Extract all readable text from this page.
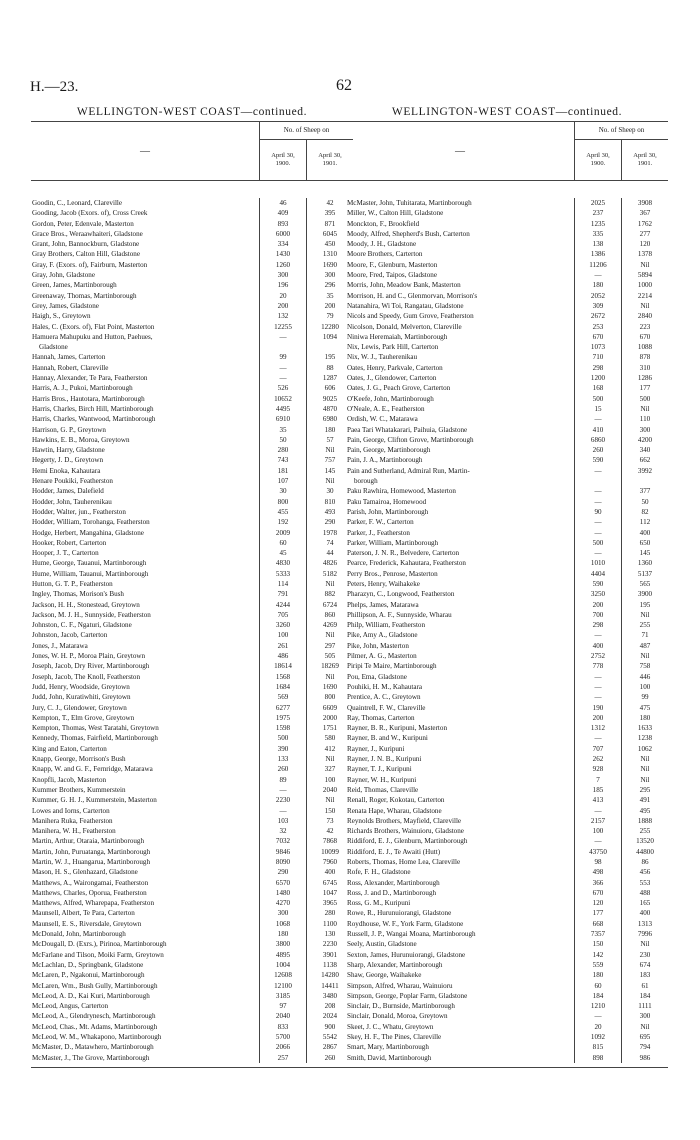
H.—23.	62
WELLINGTON-WEST COAST—continued.
—
No. of Sheep on
April 30,
1900.
April 30,
1901.
Goodin, C., Leonard, Clareville	46	42
Gooding, Jacob (Exors. of), Cross Creek	409	395
Gordon, Peter, Edenvale, Masterton	893	871
Grace Bros., Weraawhaiteri, Gladstone	6000	6045
Grant, John, Bannockburn, Gladstone	334	450
Gray Brothers, Calton Hill, Gladstone	1430	1310
Gray, F. (Exors. of), Fairburn, Masterton	1260	1690
Gray, John, Gladstone	300	300
Green, James, Martinborough	196	296
Greenaway, Thomas, Martinborough	20	35
Grey, James, Gladstone	200	200
Haigh, S., Greytown	132	79
Hales, C. (Exors. of), Flat Point, Masterton	12255	12280
Hamuera Mahupuku and Hutton, Paehues,	—	1094
Gladstone
Hannah, James, Carterton	99	195
Hannah, Robert, Clareville	—	88
Hannay, Alexander, Te Para, Featherston	—	1287
Harris, A. J., Pukoi, Martinborough	526	606
Harris Bros., Hautotara, Martinborough	10652	9025
Harris, Charles, Birch Hill, Martinborough	4495	4870
Harris, Charles, Wantwood, Martinborough	6910	6980
Harrison, G. P., Greytown	35	180
Hawkins, E. B., Moroa, Greytown	50	57
Hawtin, Harry, Gladstone	280	Nil
Hegerty, J. D., Greytown	743	757
Hemi Enoka, Kahautara	181	145
Henare Poukiki, Featherston	107	Nil
Hodder, James, Dalefield	30	30
Hodder, John, Tauherenikau	800	810
Hodder, Walter, jun., Featherston	455	493
Hodder, William, Torohanga, Featherston	192	290
Hodge, Herbert, Mangahina, Gladstone	2009	1978
Hooker, Robert, Carterton	60	74
Hooper, J. T., Carterton	45	44
Hume, George, Tauanui, Martinborough	4830	4826
Hume, William, Tauanui, Martinborough	5333	5182
Hutton, G. T. P., Featherston	114	Nil
Ingley, Thomas, Morison's Bush	791	882
Jackson, H. H., Stonestead, Greytown	4244	6724
Jackson, M. J. H., Sunnyside, Featherston	705	860
Johnston, C. F., Ngaturi, Gladstone	3260	4269
Johnston, Jacob, Carterton	100	Nil
Jones, J., Matarawa	261	297
Jones, W. H. P., Moroa Plain, Greytown	486	505
Joseph, Jacob, Dry River, Martinborough	18614	18269
Joseph, Jacob, The Knoll, Featherston	1568	Nil
Judd, Henry, Woodside, Greytown	1684	1690
Judd, John, Kuratiwhiti, Greytown	569	800
Jury, C. J., Glendower, Greytown	6277	6609
Kempton, T., Elm Grove, Greytown	1975	2000
Kempton, Thomas, West Taratahi, Greytown	1598	1751
Kennedy, Thomas, Fairfield, Martinborough	500	580
King and Eaton, Carterton	390	412
Knapp, George, Morrison's Bush	133	Nil
Knapp, W. and G. F., Fernridge, Matarawa	260	327
Knopfli, Jacob, Masterton	89	100
Kummer Brothers, Kummerstein	—	2040
Kummer, G. H. J., Kummerstein, Masterton	2230	Nil
Lowes and Iorns, Carterton	—	150
Manihera Ruka, Featherston	103	73
Manihera, W. H., Featherston	32	42
Martin, Arthur, Otaraia, Martinborough	7032	7868
Martin, John, Puruatanga, Martinborough	9846	10099
Martin, W. J., Huangarua, Martinborough	8090	7960
Mason, H. S., Glenhazard, Gladstone	290	400
Matthews, A., Wairongamai, Featherston	6570	6745
Matthews, Charles, Oporua, Featherston	1480	1047
Matthews, Alfred, Wharepapa, Featherston	4270	3965
Maunsell, Albert, Te Para, Carterton	300	280
Maunsell, E. S., Riversdale, Greytown	1068	1100
McDonald, John, Martinborough	180	130
McDougall, D. (Exrs.), Pirinoa, Martinborough	3800	2230
McFarlane and Tilson, Moiki Farm, Greytown	4895	3901
McLachlan, D., Springbank, Gladstone	1004	1138
McLaren, P., Ngakonui, Martinborough	12608	14280
McLaren, Wm., Bush Gully, Martinborough	12100	14411
McLeod, A. D., Kai Kuri, Martinborough	3185	3480
McLeod, Angus, Carterton	97	208
McLeod, A., Glendrynesch, Martinborough	2040	2024
McLeod, Chas., Mt. Adams, Martinborough	833	900
McLeod, W. M., Whakapono, Martinborough	5700	5542
McMaster, D., Matawhero, Martinborough	2066	2867
McMaster, J., The Grove, Martinborough	257	260
WELLINGTON-WEST COAST—continued.
—
No. of Sheep on
April 30,
1900.
April 30,
1901.
McMaster, John, Tuhitarata, Martinborough	2025	3908
Miller, W., Calton Hill, Gladstone	237	367
Monckton, F., Brookfield	1235	1762
Moody, Alfred, Shepherd's Bush, Carterton	335	277
Moody, J. H., Gladstone	138	120
Moore Brothers, Carterton	1386	1378
Moore, F., Glenburn, Masterton	11206	Nil
Moore, Fred, Taipos, Gladstone	—	5894
Morris, John, Meadow Bank, Masterton	180	1000
Morrison, H. and C., Glenmorvan, Morrison's	2052	2214
Natanahira, Wi Toi, Rangatau, Gladstone	309	Nil
Nicols and Speedy, Gum Grove, Featherston	2672	2840
Nicolson, Donald, Melverton, Clareville	253	223
Niniwa Heremaiah, Martinborough	670	670
Nix, Lewis, Park Hill, Carterton	1073	1088
Nix, W. J., Tauherenikau	710	878
Oates, Henry, Parkvale, Carterton	298	310
Oates, J., Glendower, Carterton	1200	1286
Oates, J. G., Peach Grove, Carterton	168	177
O'Keefe, John, Martinborough	500	500
O'Neale, A. E., Featherston	15	Nil
Ordish, W. C., Matarawa	—	110
Paea Tari Whatakarari, Paihuia, Gladstone	410	300
Pain, George, Clifton Grove, Martinborough	6860	4200
Pain, George, Martinborough	260	340
Pain, J. A., Martinborough	590	662
Pain and Sutherland, Admiral Run, Martin-	—	3992
borough
Paku Rawhira, Homewood, Masterton	—	377
Paku Tamairoa, Homewood	—	50
Parish, John, Martinborough	90	82
Parker, F. W., Carterton	—	112
Parker, J., Featherston	—	400
Parker, William, Martinborough	500	650
Paterson, J. N. R., Belvedere, Carterton	—	145
Pearce, Frederick, Kahautara, Featherston	1010	1360
Perry Bros., Penrose, Masterton	4404	5137
Peters, Henry, Waihakeke	590	565
Pharazyn, C., Longwood, Featherston	3250	3900
Phelps, James, Matarawa	200	195
Phillipson, A. F., Sunnyside, Wharau	700	Nil
Philp, William, Featherston	298	255
Pike, Amy A., Gladstone	—	71
Pike, John, Masterton	400	487
Pilmer, A. G., Masterton	2752	Nil
Piripi Te Maire, Martinborough	778	758
Pou, Ema, Gladstone	—	446
Pouhiki, H. M., Kahautara	—	100
Prentice, A. C., Greytown	—	99
Quaintrell, F. W., Clareville	190	475
Ray, Thomas, Carterton	200	180
Rayner, B. R., Kuripuni, Masterton	1312	1633
Rayner, B. and W., Kuripuni	—	1238
Rayner, J., Kuripuni	707	1062
Rayner, J. N. B., Kuripuni	262	Nil
Rayner, T. J., Kuripuni	928	Nil
Rayner, W. H., Kuripuni	7	Nil
Reid, Thomas, Clareville	185	295
Renall, Roger, Kokotau, Carterton	413	491
Renata Hape, Wharau, Gladstone	—	495
Reynolds Brothers, Mayfield, Clareville	2157	1888
Richards Brothers, Wainuioru, Gladstone	100	255
Riddiford, E. J., Glenburn, Martinborough	—	13520
Riddiford, E. J., Te Awaiti (Hutt)	43750	44800
Roberts, Thomas, Home Lea, Clareville	98	86
Rofe, F. H., Gladstone	498	456
Ross, Alexander, Martinborough	366	553
Ross, J. and D., Martinborough	670	488
Ross, G. M., Kuripuni	120	165
Rowe, R., Hurunuiorangi, Gladstone	177	400
Roydhouse, W. F., York Farm, Gladstone	668	1313
Russell, J. P., Wangai Moana, Martinborough	7357	7996
Seely, Austin, Gladstone	150	Nil
Sexton, James, Hurunuiorangi, Gladstone	142	230
Sharp, Alexander, Martinborough	559	674
Shaw, George, Waihakeke	180	183
Simpson, Alfred, Wharau, Wainuioru	60	61
Simpson, George, Poplar Farm, Gladstone	184	184
Sinclair, D., Burnside, Martinborough	1210	1111
Sinclair, Donald, Moroa, Greytown	—	300
Skeet, J. C., Whatu, Greytown	20	Nil
Skey, H. F., The Pines, Clareville	1092	695
Smart, Mary, Martinborough	815	794
Smith, David, Martinborough	898	986
